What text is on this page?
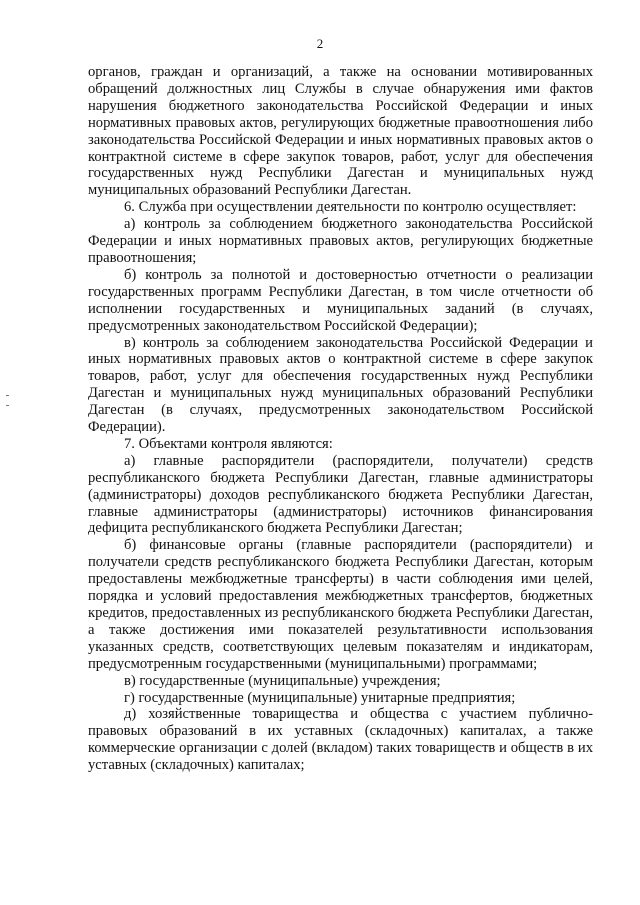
2

органов, граждан и организаций, а также на основании мотивированных обращений должностных лиц Службы в случае обнаружения ими фактов нарушения бюджетного законодательства Российской Федерации и иных нормативных правовых актов, регулирующих бюджетные правоотношения либо законодательства Российской Федерации и иных нормативных правовых актов о контрактной системе в сфере закупок товаров, работ, услуг для обеспечения государственных нужд Республики Дагестан и муниципальных нужд муниципальных образований Республики Дагестан.

6. Служба при осуществлении деятельности по контролю осуществляет:

а) контроль за соблюдением бюджетного законодательства Российской Федерации и иных нормативных правовых актов, регулирующих бюджетные правоотношения;

б) контроль за полнотой и достоверностью отчетности о реализации государственных программ Республики Дагестан, в том числе отчетности об исполнении государственных и муниципальных заданий (в случаях, предусмотренных законодательством Российской Федерации);

в) контроль за соблюдением законодательства Российской Федерации и иных нормативных правовых актов о контрактной системе в сфере закупок товаров, работ, услуг для обеспечения государственных нужд Республики Дагестан и муниципальных нужд муниципальных образований Республики Дагестан (в случаях, предусмотренных законодательством Российской Федерации).

7. Объектами контроля являются:

а) главные распорядители (распорядители, получатели) средств республиканского бюджета Республики Дагестан, главные администраторы (администраторы) доходов республиканского бюджета Республики Дагестан, главные администраторы (администраторы) источников финансирования дефицита республиканского бюджета Республики Дагестан;

б) финансовые органы (главные распорядители (распорядители) и получатели средств республиканского бюджета Республики Дагестан, которым предоставлены межбюджетные трансферты) в части соблюдения ими целей, порядка и условий предоставления межбюджетных трансфертов, бюджетных кредитов, предоставленных из республиканского бюджета Республики Дагестан, а также достижения ими показателей результативности использования указанных средств, соответствующих целевым показателям и индикаторам, предусмотренным государственными (муниципальными) программами;

в) государственные (муниципальные) учреждения;

г) государственные (муниципальные) унитарные предприятия;

д) хозяйственные товарищества и общества с участием публично-правовых образований в их уставных (складочных) капиталах, а также коммерческие организации с долей (вкладом) таких товариществ и обществ в их уставных (складочных) капиталах;
